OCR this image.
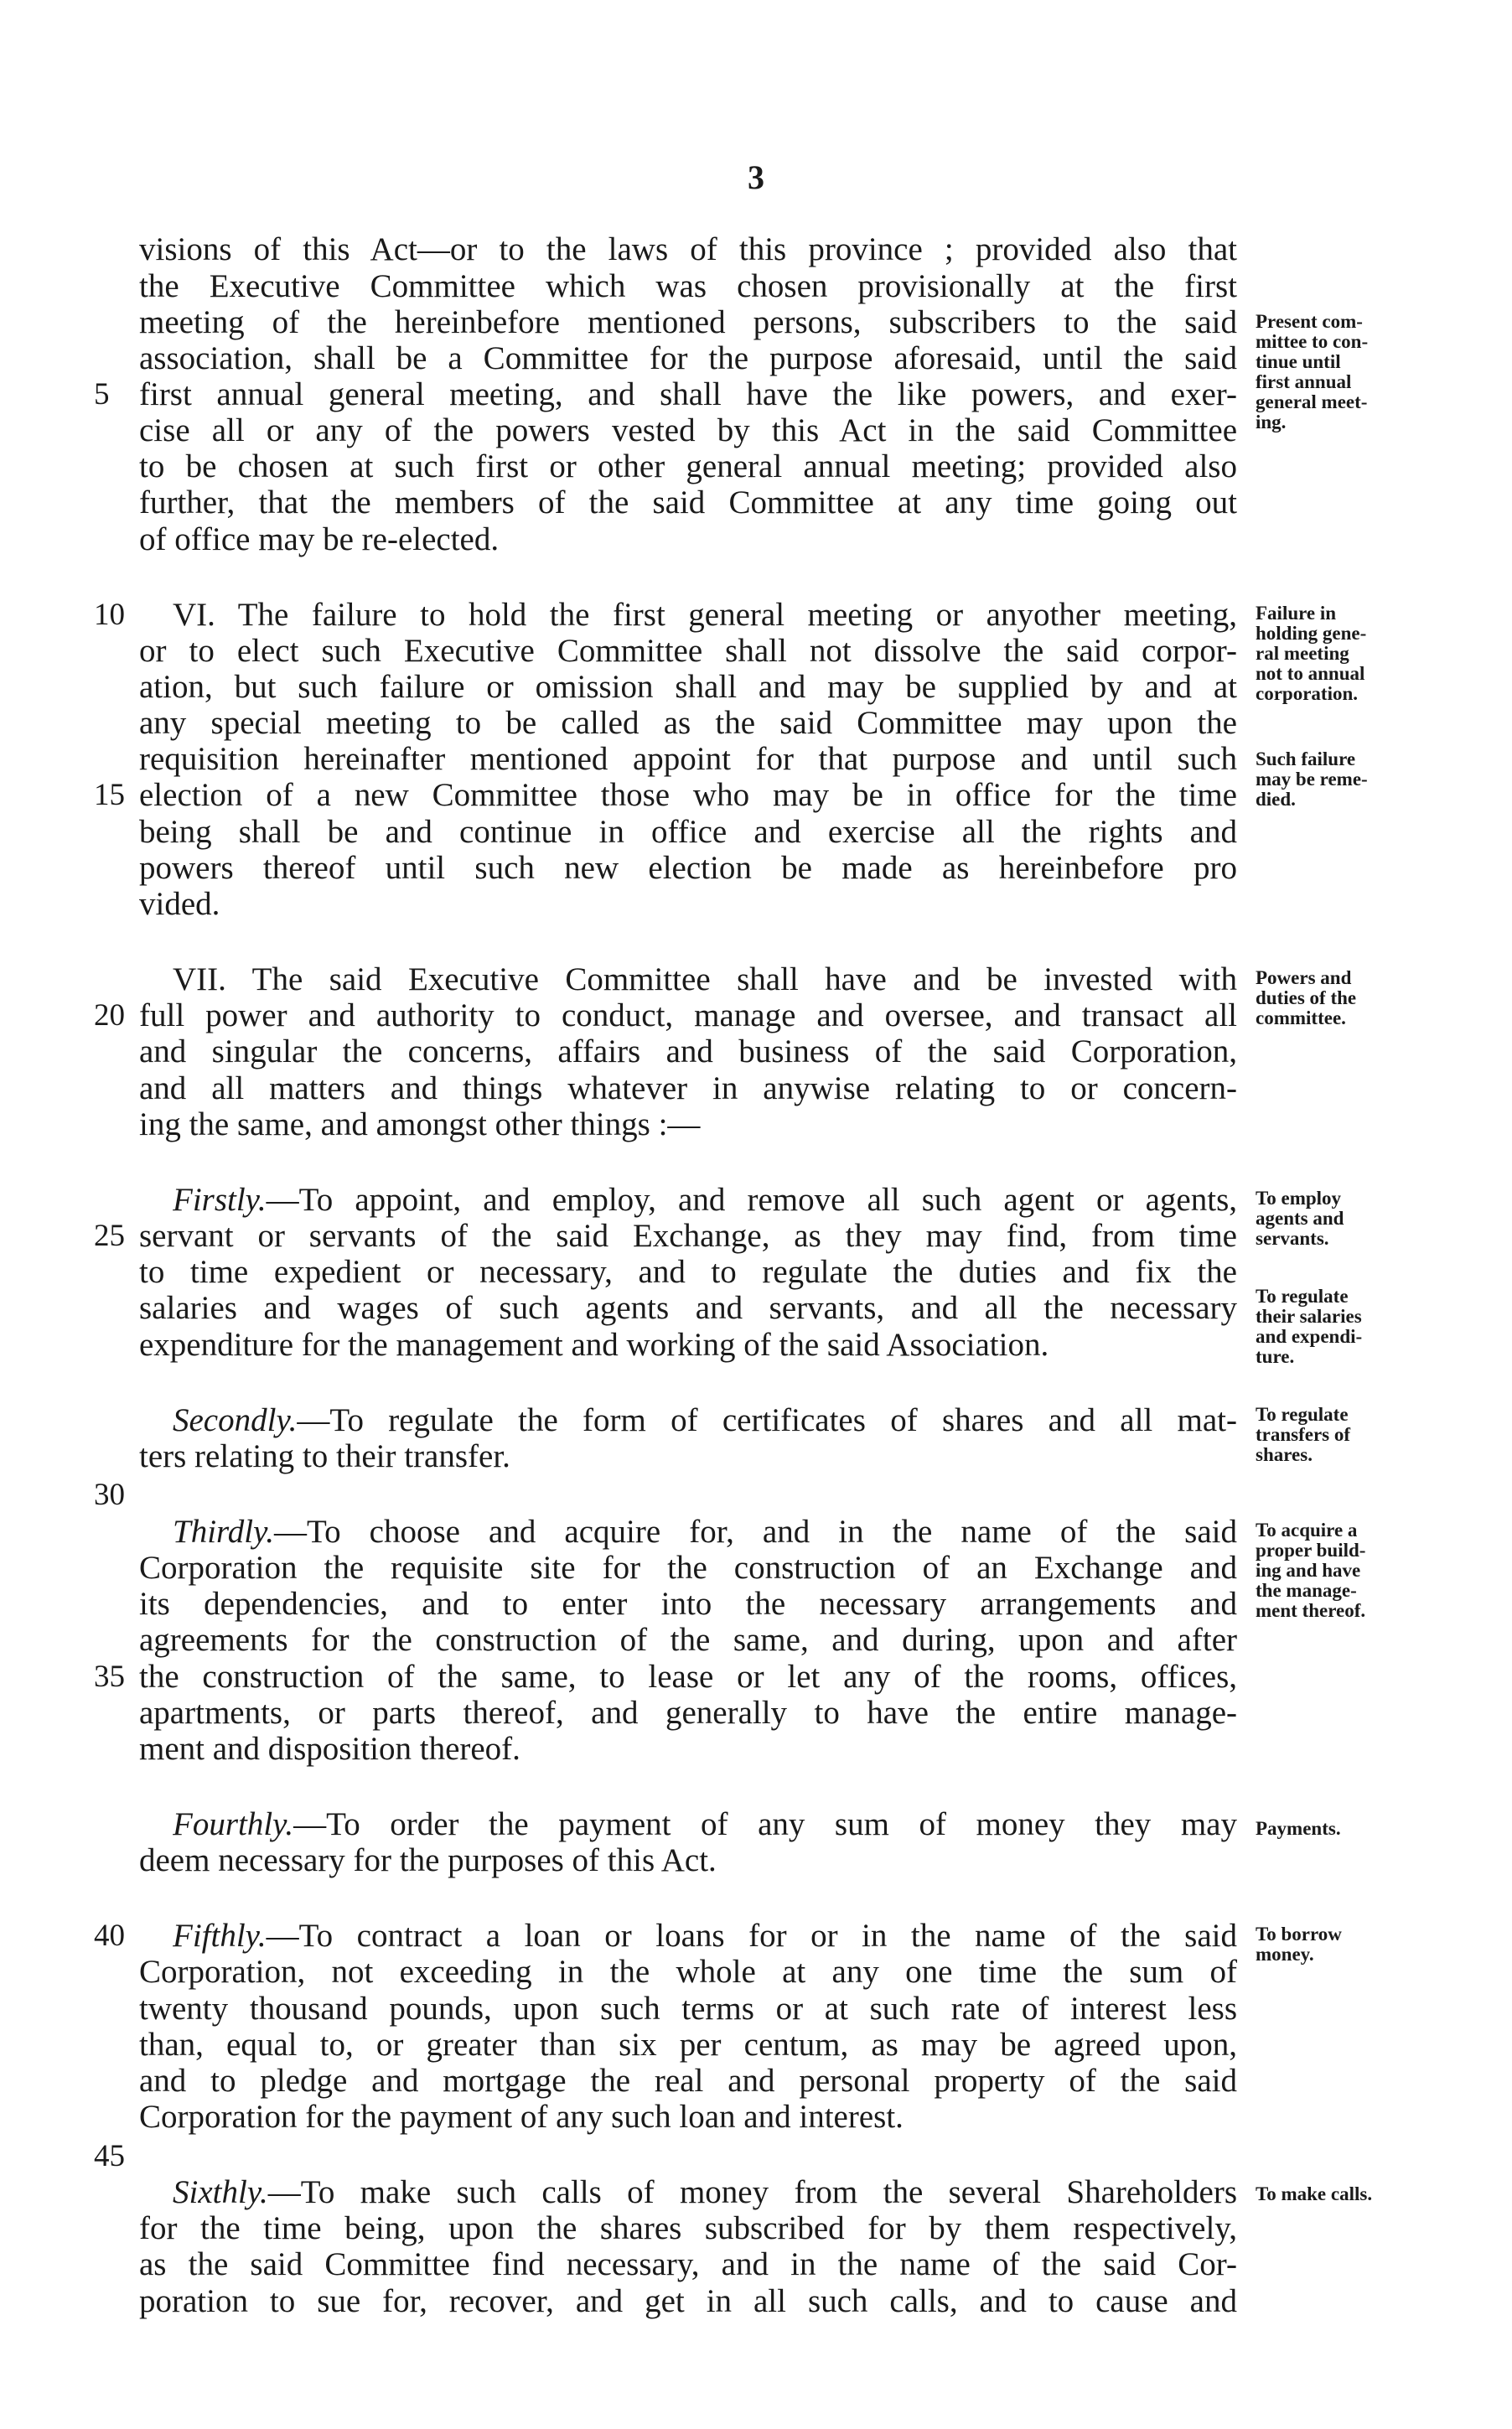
3
visions of this Act—or to the laws of this province ; provided also that
the Executive Committee which was chosen provisionally at the first
meeting of the hereinbefore mentioned persons, subscribers to the said
association, shall be a Committee for the purpose aforesaid, until the said
first annual general meeting, and shall have the like powers, and exer-
cise all or any of the powers vested by this Act in the said Committee
to be chosen at such first or other general annual meeting; provided also
further, that the members of the said Committee at any time going out
of office may be re-elected.
VI. The failure to hold the first general meeting or anyother meeting,
or to elect such Executive Committee shall not dissolve the said corpor-
ation, but such failure or omission shall and may be supplied by and at
any special meeting to be called as the said Committee may upon the
requisition hereinafter mentioned appoint for that purpose and until such
election of a new Committee those who may be in office for the time
being shall be and continue in office and exercise all the rights and
powers thereof until such new election be made as hereinbefore pro
vided.
VII. The said Executive Committee shall have and be invested with
full power and authority to conduct, manage and oversee, and transact all
and singular the concerns, affairs and business of the said Corporation,
and all matters and things whatever in anywise relating to or concern-
ing the same, and amongst other things :—
Firstly.—To appoint, and employ, and remove all such agent or agents,
servant or servants of the said Exchange, as they may find, from time
to time expedient or necessary, and to regulate the duties and fix the
salaries and wages of such agents and servants, and all the necessary
expenditure for the management and working of the said Association.
Secondly.—To regulate the form of certificates of shares and all mat-
ters relating to their transfer.
Thirdly.—To choose and acquire for, and in the name of the said
Corporation the requisite site for the construction of an Exchange and
its dependencies, and to enter into the necessary arrangements and
agreements for the construction of the same, and during, upon and after
the construction of the same, to lease or let any of the rooms, offices,
apartments, or parts thereof, and generally to have the entire manage-
ment and disposition thereof.
Fourthly.—To order the payment of any sum of money they may
deem necessary for the purposes of this Act.
Fifthly.—To contract a loan or loans for or in the name of the said
Corporation, not exceeding in the whole at any one time the sum of
twenty thousand pounds, upon such terms or at such rate of interest less
than, equal to, or greater than six per centum, as may be agreed upon,
and to pledge and mortgage the real and personal property of the said
Corporation for the payment of any such loan and interest.
Sixthly.—To make such calls of money from the several Shareholders
for the time being, upon the shares subscribed for by them respectively,
as the said Committee find necessary, and in the name of the said Cor-
poration to sue for, recover, and get in all such calls, and to cause and
5
10
15
20
25
30
35
40
45
Present com-
mittee to con-
tinue until
first annual
general meet-
ing.
Failure in
holding gene-
ral meeting
not to annual
corporation.
Such failure
may be reme-
died.
Powers and
duties of the
committee.
To employ
agents and
servants.
To regulate
their salaries
and expendi-
ture.
To regulate
transfers of
shares.
To acquire a
proper build-
ing and have
the manage-
ment thereof.
Payments.
To borrow
money.
To make calls.
